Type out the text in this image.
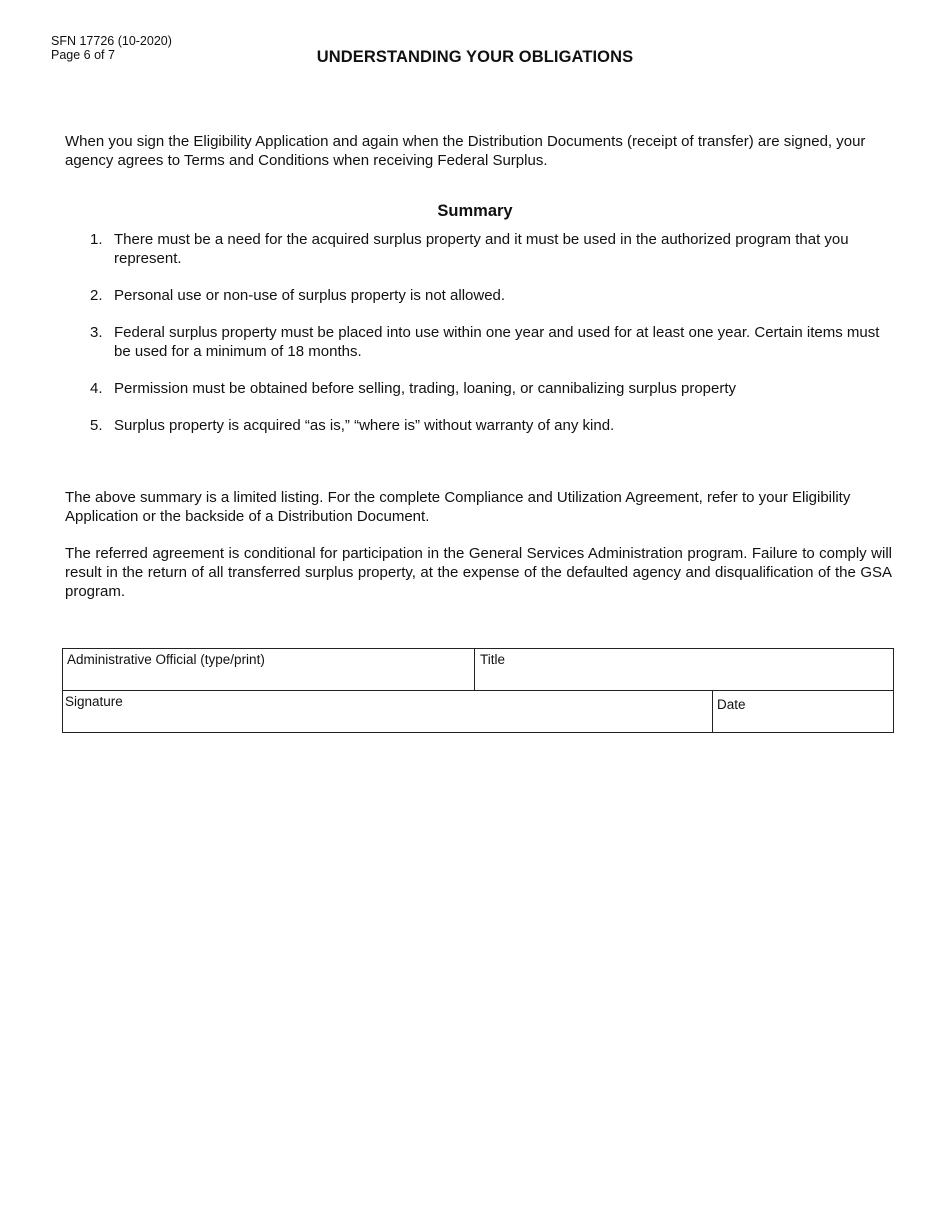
SFN 17726 (10-2020)
Page 6 of 7	UNDERSTANDING YOUR OBLIGATIONS

When you sign the Eligibility Application and again when the Distribution Documents (receipt of transfer) are signed, your agency agrees to Terms and Conditions when receiving Federal Surplus.

Summary
1. There must be a need for the acquired surplus property and it must be used in the authorized program that you represent.
2. Personal use or non-use of surplus property is not allowed.
3. Federal surplus property must be placed into use within one year and used for at least one year. Certain items must be used for a minimum of 18 months.
4. Permission must be obtained before selling, trading, loaning, or cannibalizing surplus property
5. Surplus property is acquired “as is,” “where is” without warranty of any kind.

The above summary is a limited listing. For the complete Compliance and Utilization Agreement, refer to your Eligibility Application or the backside of a Distribution Document.

The referred agreement is conditional for participation in the General Services Administration program. Failure to comply will result in the return of all transferred surplus property, at the expense of the defaulted agency and disqualification of the GSA program.

Administrative Official (type/print)	Title
Signature	Date
